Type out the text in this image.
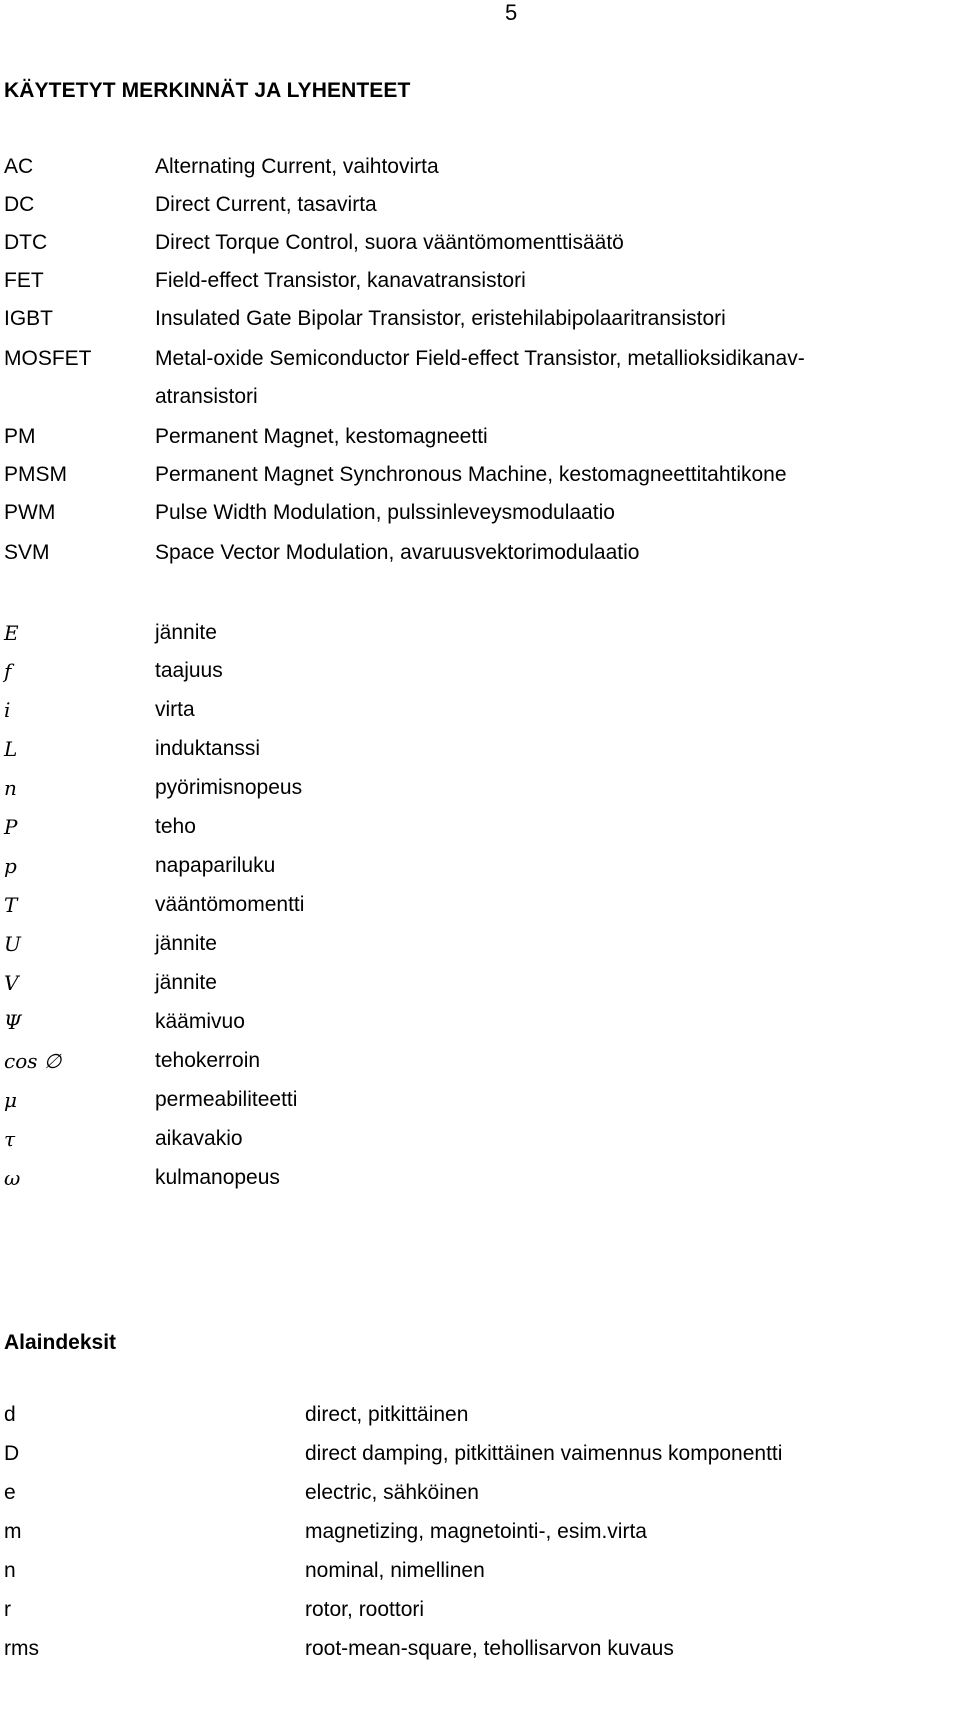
5
KÄYTETYT MERKINNÄT JA LYHENTEET
AC	Alternating Current, vaihtovirta
DC	Direct Current, tasavirta
DTC	Direct Torque Control, suora vääntömomenttisäätö
FET	Field-effect Transistor, kanavatransistori
IGBT	Insulated Gate Bipolar Transistor, eristehilabipolaaritransistori
MOSFET	Metal-oxide Semiconductor Field-effect Transistor, metallioksidikanav-
atransistori
PM	Permanent Magnet, kestomagneetti
PMSM	Permanent Magnet Synchronous Machine, kestomagneettitahtikone
PWM	Pulse Width Modulation, pulssinleveysmodulaatio
SVM	Space Vector Modulation, avaruusvektorimodulaatio
E	jännite
f	taajuus
i	virta
L	induktanssi
n	pyörimisnopeus
P	teho
p	napapariluku
T	vääntömomentti
U	jännite
V	jännite
Ψ	käämivuo
cos ∅	tehokerroin
μ	permeabiliteetti
τ	aikavakio
ω	kulmanopeus
Alaindeksit
d	direct, pitkittäinen
D	direct damping, pitkittäinen vaimennus komponentti
e	electric, sähköinen
m	magnetizing, magnetointi-, esim.virta
n	nominal, nimellinen
r	rotor, roottori
rms	root-mean-square, tehollisarvon kuvaus
